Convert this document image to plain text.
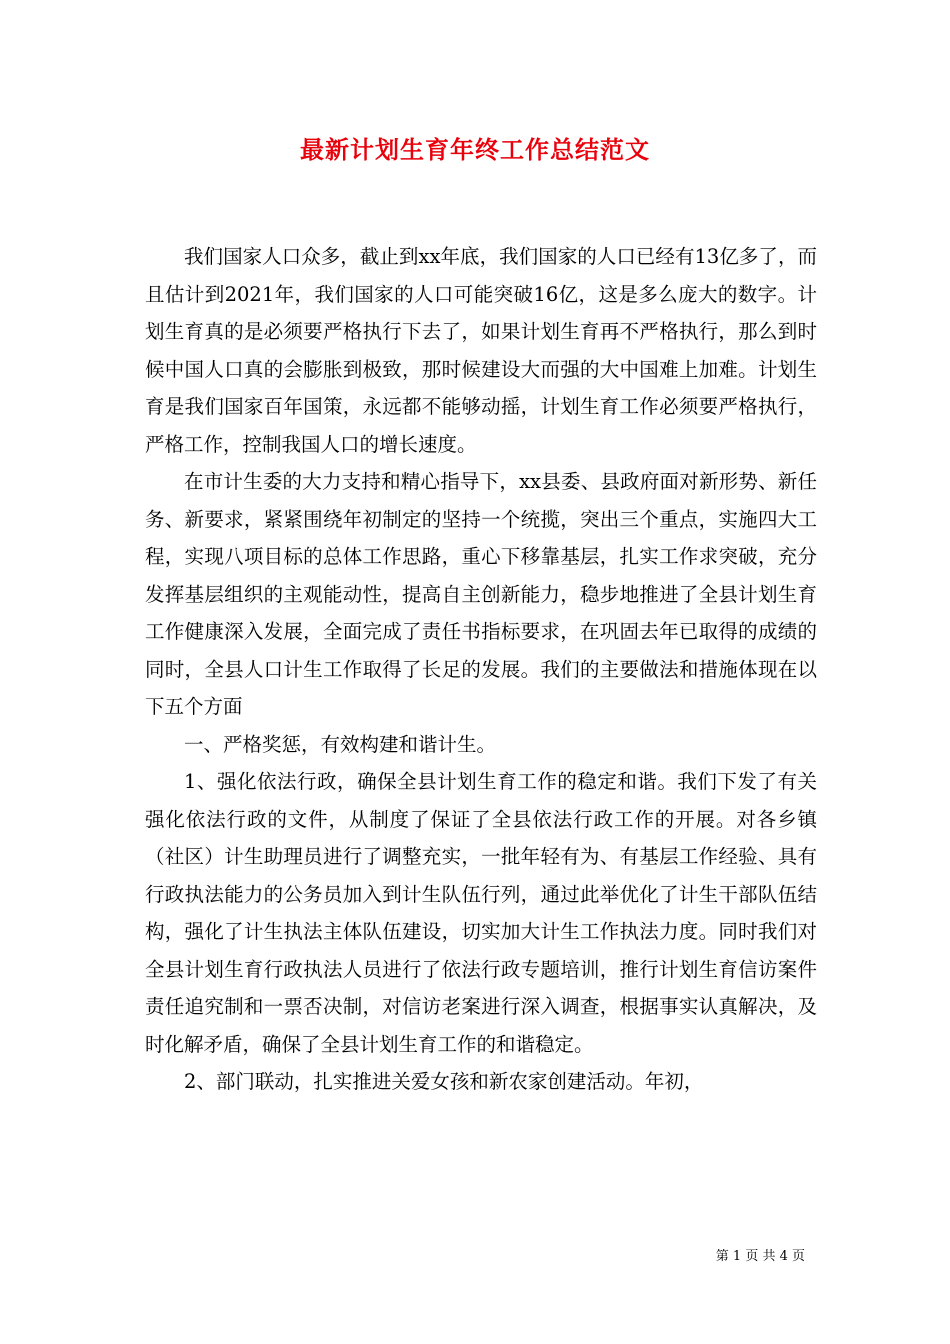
最新计划生育年终工作总结范文

我们国家人口众多，截止到xx年底，我们国家的人口已经有13亿多了，而且估计到2021年，我们国家的人口可能突破16亿，这是多么庞大的数字。计划生育真的是必须要严格执行下去了，如果计划生育再不严格执行，那么到时候中国人口真的会膨胀到极致，那时候建设大而强的大中国难上加难。计划生育是我们国家百年国策，永远都不能够动摇，计划生育工作必须要严格执行，严格工作，控制我国人口的增长速度。

在市计生委的大力支持和精心指导下，xx县委、县政府面对新形势、新任务、新要求，紧紧围绕年初制定的坚持一个统揽，突出三个重点，实施四大工程，实现八项目标的总体工作思路，重心下移靠基层，扎实工作求突破，充分发挥基层组织的主观能动性，提高自主创新能力，稳步地推进了全县计划生育工作健康深入发展，全面完成了责任书指标要求，在巩固去年已取得的成绩的同时，全县人口计生工作取得了长足的发展。我们的主要做法和措施体现在以下五个方面

一、严格奖惩，有效构建和谐计生。

1、强化依法行政，确保全县计划生育工作的稳定和谐。我们下发了有关强化依法行政的文件，从制度了保证了全县依法行政工作的开展。对各乡镇（社区）计生助理员进行了调整充实，一批年轻有为、有基层工作经验、具有行政执法能力的公务员加入到计生队伍行列，通过此举优化了计生干部队伍结构，强化了计生执法主体队伍建设，切实加大计生工作执法力度。同时我们对全县计划生育行政执法人员进行了依法行政专题培训，推行计划生育信访案件责任追究制和一票否决制，对信访老案进行深入调查，根据事实认真解决，及时化解矛盾，确保了全县计划生育工作的和谐稳定。

2、部门联动，扎实推进关爱女孩和新农家创建活动。年初，

第 1 页 共 4 页
